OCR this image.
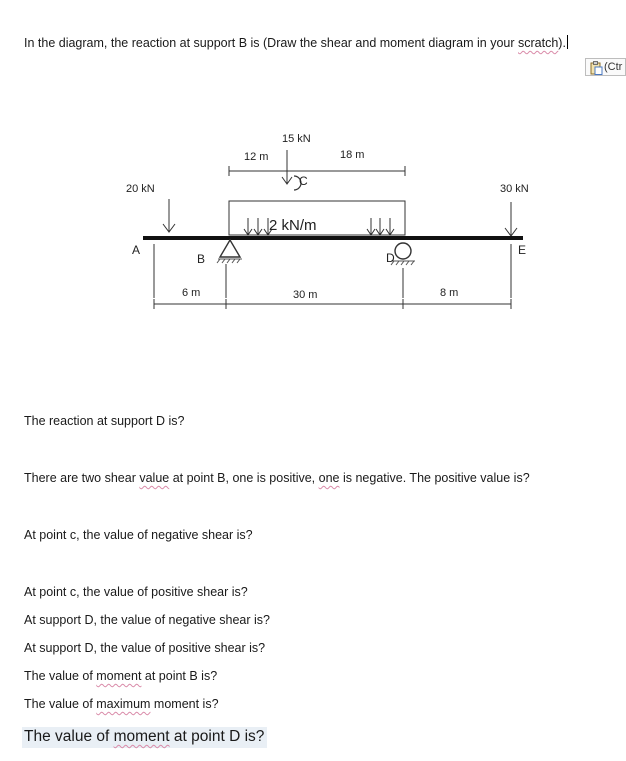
In the diagram, the reaction at support B is (Draw the shear and moment diagram in your scratch).
(Ctr
15 kN
12 m	18 m
20 kN	30 kN
C
2 kN/m
A
B	D
E
6 m	30 m	8 m
The reaction at support D is?
There are two shear value at point B, one is positive, one is negative. The positive value is?
At point c, the value of negative shear is?
At point c, the value of positive shear is?
At support D, the value of negative shear is?
At support D, the value of positive shear is?
The value of moment at point B is?
The value of maximum moment is?
The value of moment at point D is?
